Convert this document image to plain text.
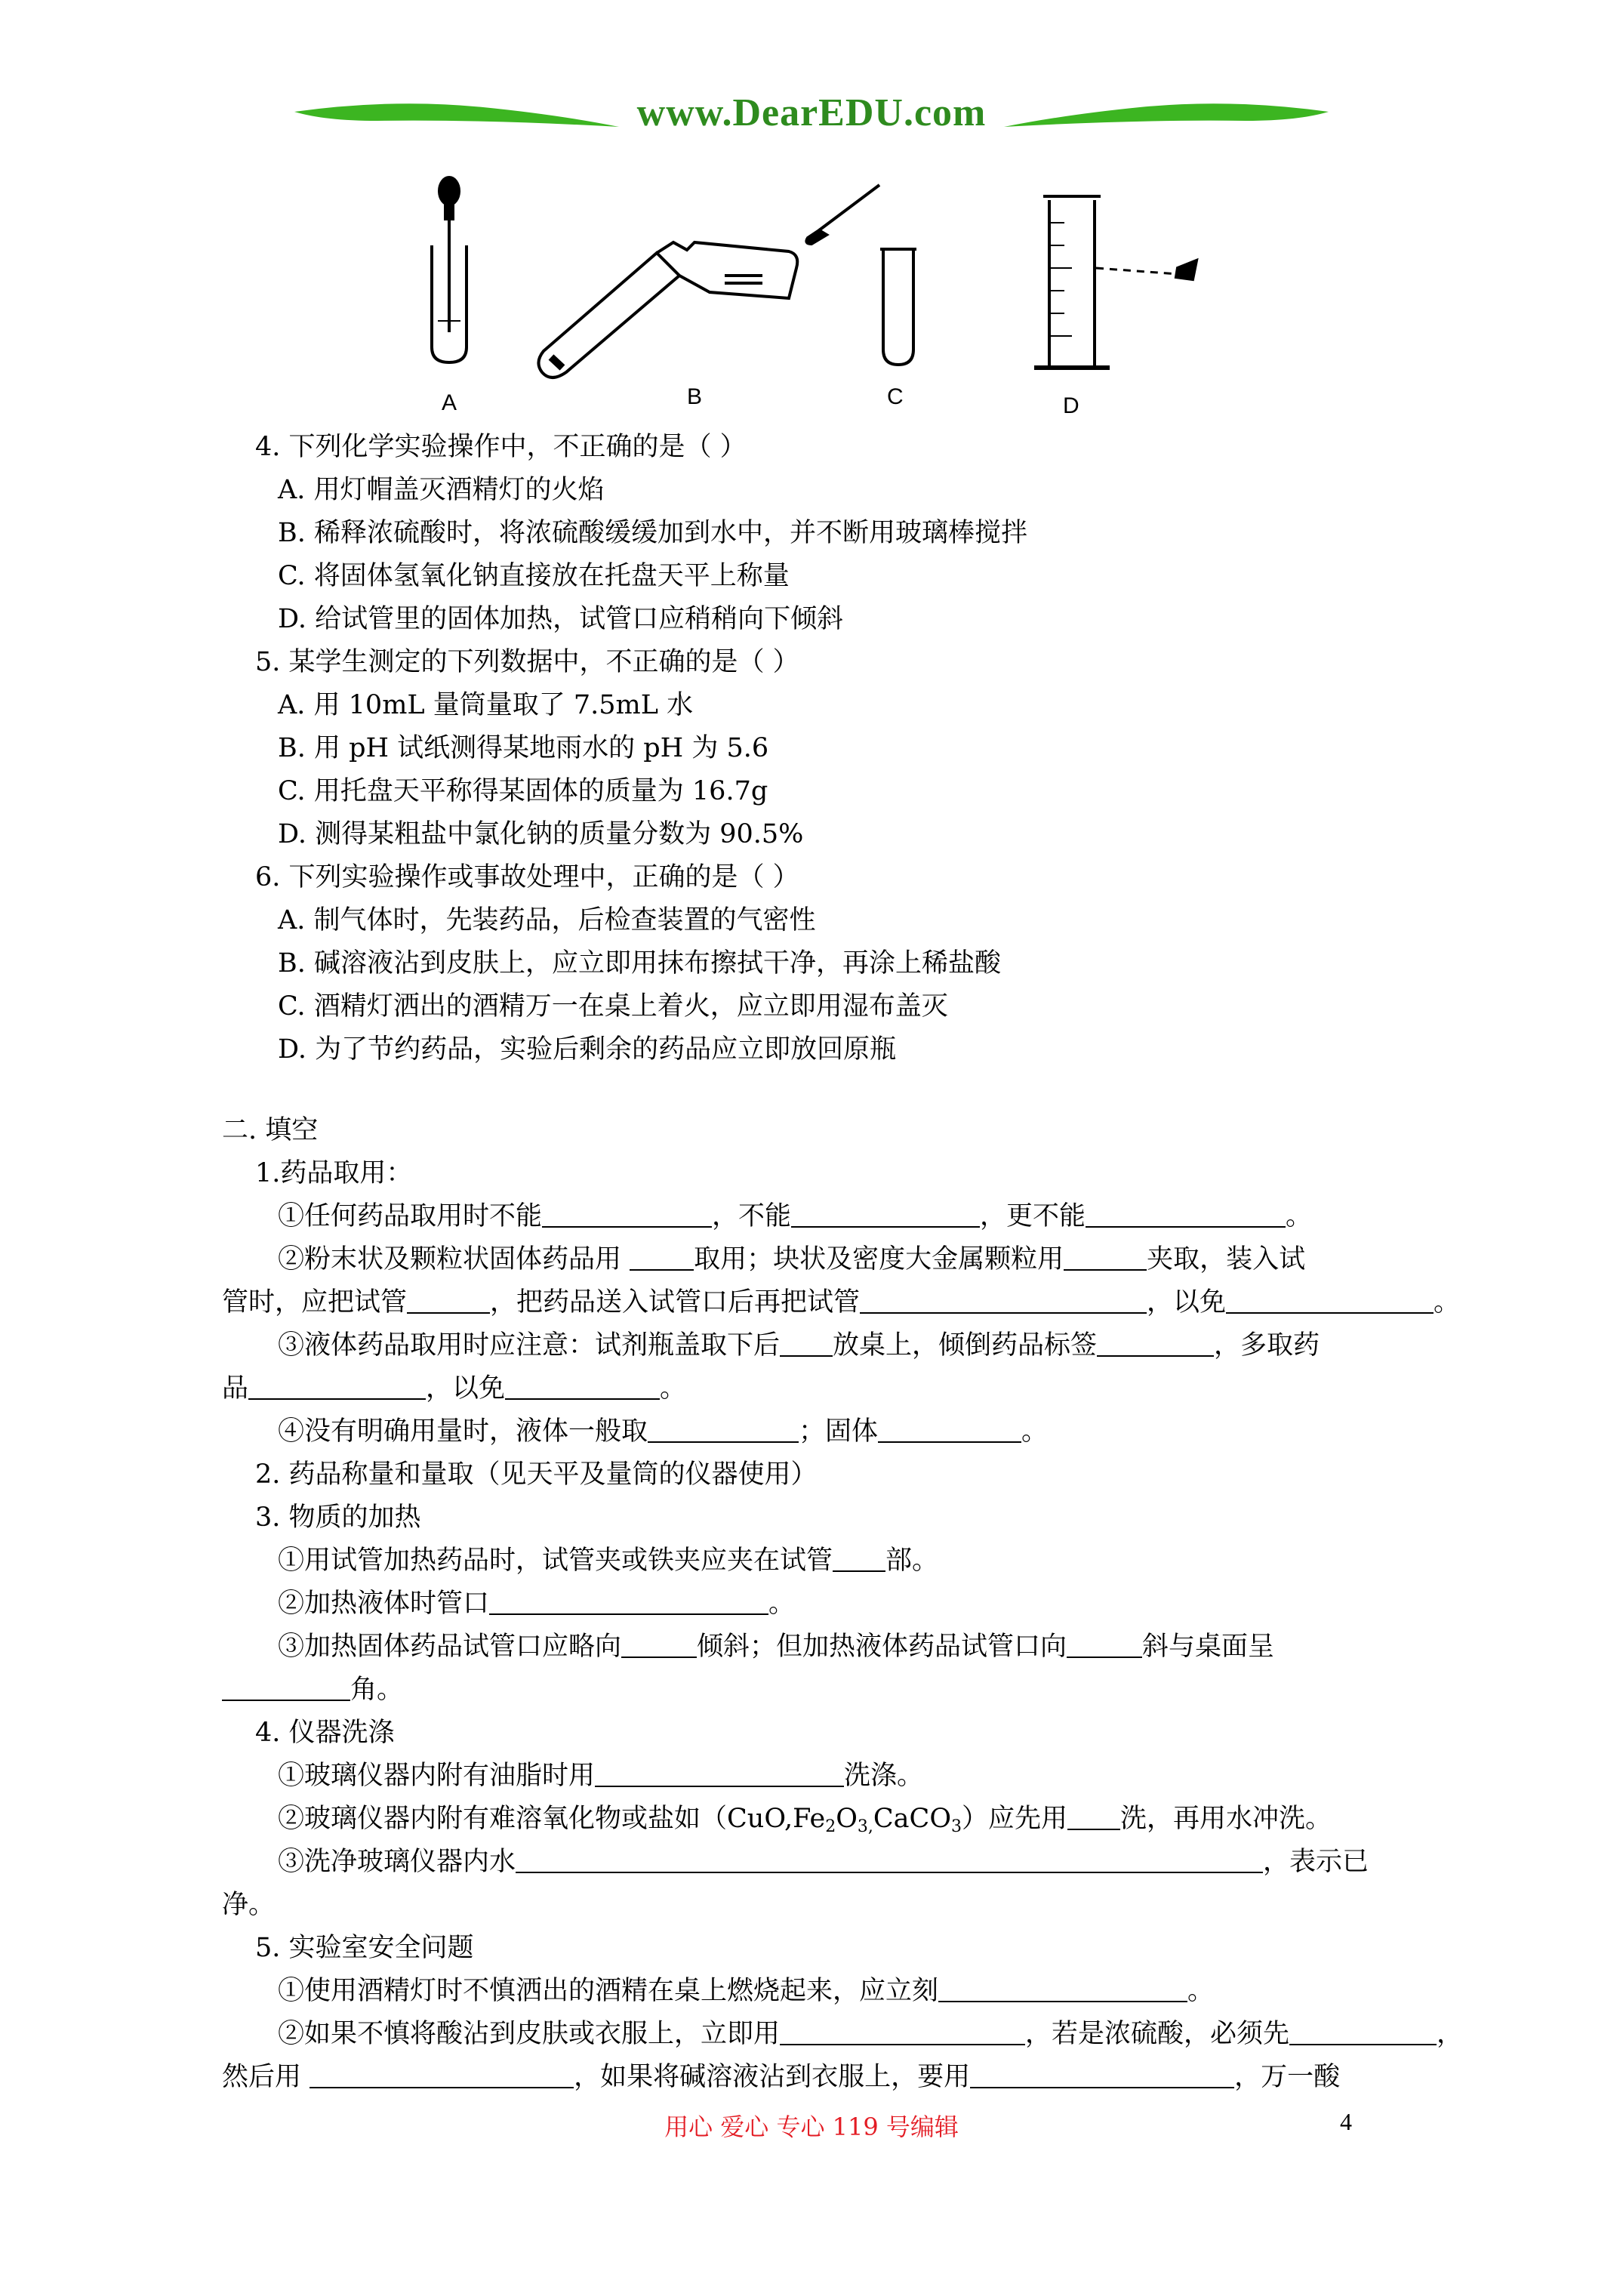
www.DearEDU.com
A	B	C	D
4. 下列化学实验操作中，不正确的是（ ）
A. 用灯帽盖灭酒精灯的火焰
B. 稀释浓硫酸时，将浓硫酸缓缓加到水中，并不断用玻璃棒搅拌
C. 将固体氢氧化钠直接放在托盘天平上称量
D. 给试管里的固体加热，试管口应稍稍向下倾斜
5. 某学生测定的下列数据中，不正确的是（ ）
A. 用 10mL 量筒量取了 7.5mL 水
B. 用 pH 试纸测得某地雨水的 pH 为 5.6
C. 用托盘天平称得某固体的质量为 16.7g
D. 测得某粗盐中氯化钠的质量分数为 90.5%
6. 下列实验操作或事故处理中，正确的是（ ）
A. 制气体时，先装药品，后检查装置的气密性
B. 碱溶液沾到皮肤上，应立即用抹布擦拭干净，再涂上稀盐酸
C. 酒精灯洒出的酒精万一在桌上着火，应立即用湿布盖灭
D. 为了节约药品，实验后剩余的药品应立即放回原瓶
二. 填空
1.药品取用：
①任何药品取用时不能	，不能	，更不能	。
②粉末状及颗粒状固体药品用 取用；块状及密度大金属颗粒用	夹取，装入试
管时，应把试管	，把药品送入试管口后再把试管	，以免	。
③液体药品取用时应注意：试剂瓶盖取下后 放桌上，倾倒药品标签	，多取药
品	，以免	。
④没有明确用量时，液体一般取	；固体	。
2. 药品称量和量取（见天平及量筒的仪器使用）
3. 物质的加热
①用试管加热药品时，试管夹或铁夹应夹在试管 部。
②加热液体时管口	。
③加热固体药品试管口应略向	倾斜；但加热液体药品试管口向	斜与桌面呈
角。
4. 仪器洗涤
①玻璃仪器内附有油脂时用	洗涤。
②玻璃仪器内附有难溶氧化物或盐如$(CuO,Fe_2O_{3,}CaCO_3)$应先用 洗，再用水冲洗。
③洗净玻璃仪器内水	，表示已
净。
5. 实验室安全问题
①使用酒精灯时不慎洒出的酒精在桌上燃烧起来，应立刻	。
②如果不慎将酸沾到皮肤或衣服上，立即用	，若是浓硫酸，必须先	，
然后用	，如果将碱溶液沾到衣服上，要用	，万一酸
用心 爱心 专心 119 号编辑	4
